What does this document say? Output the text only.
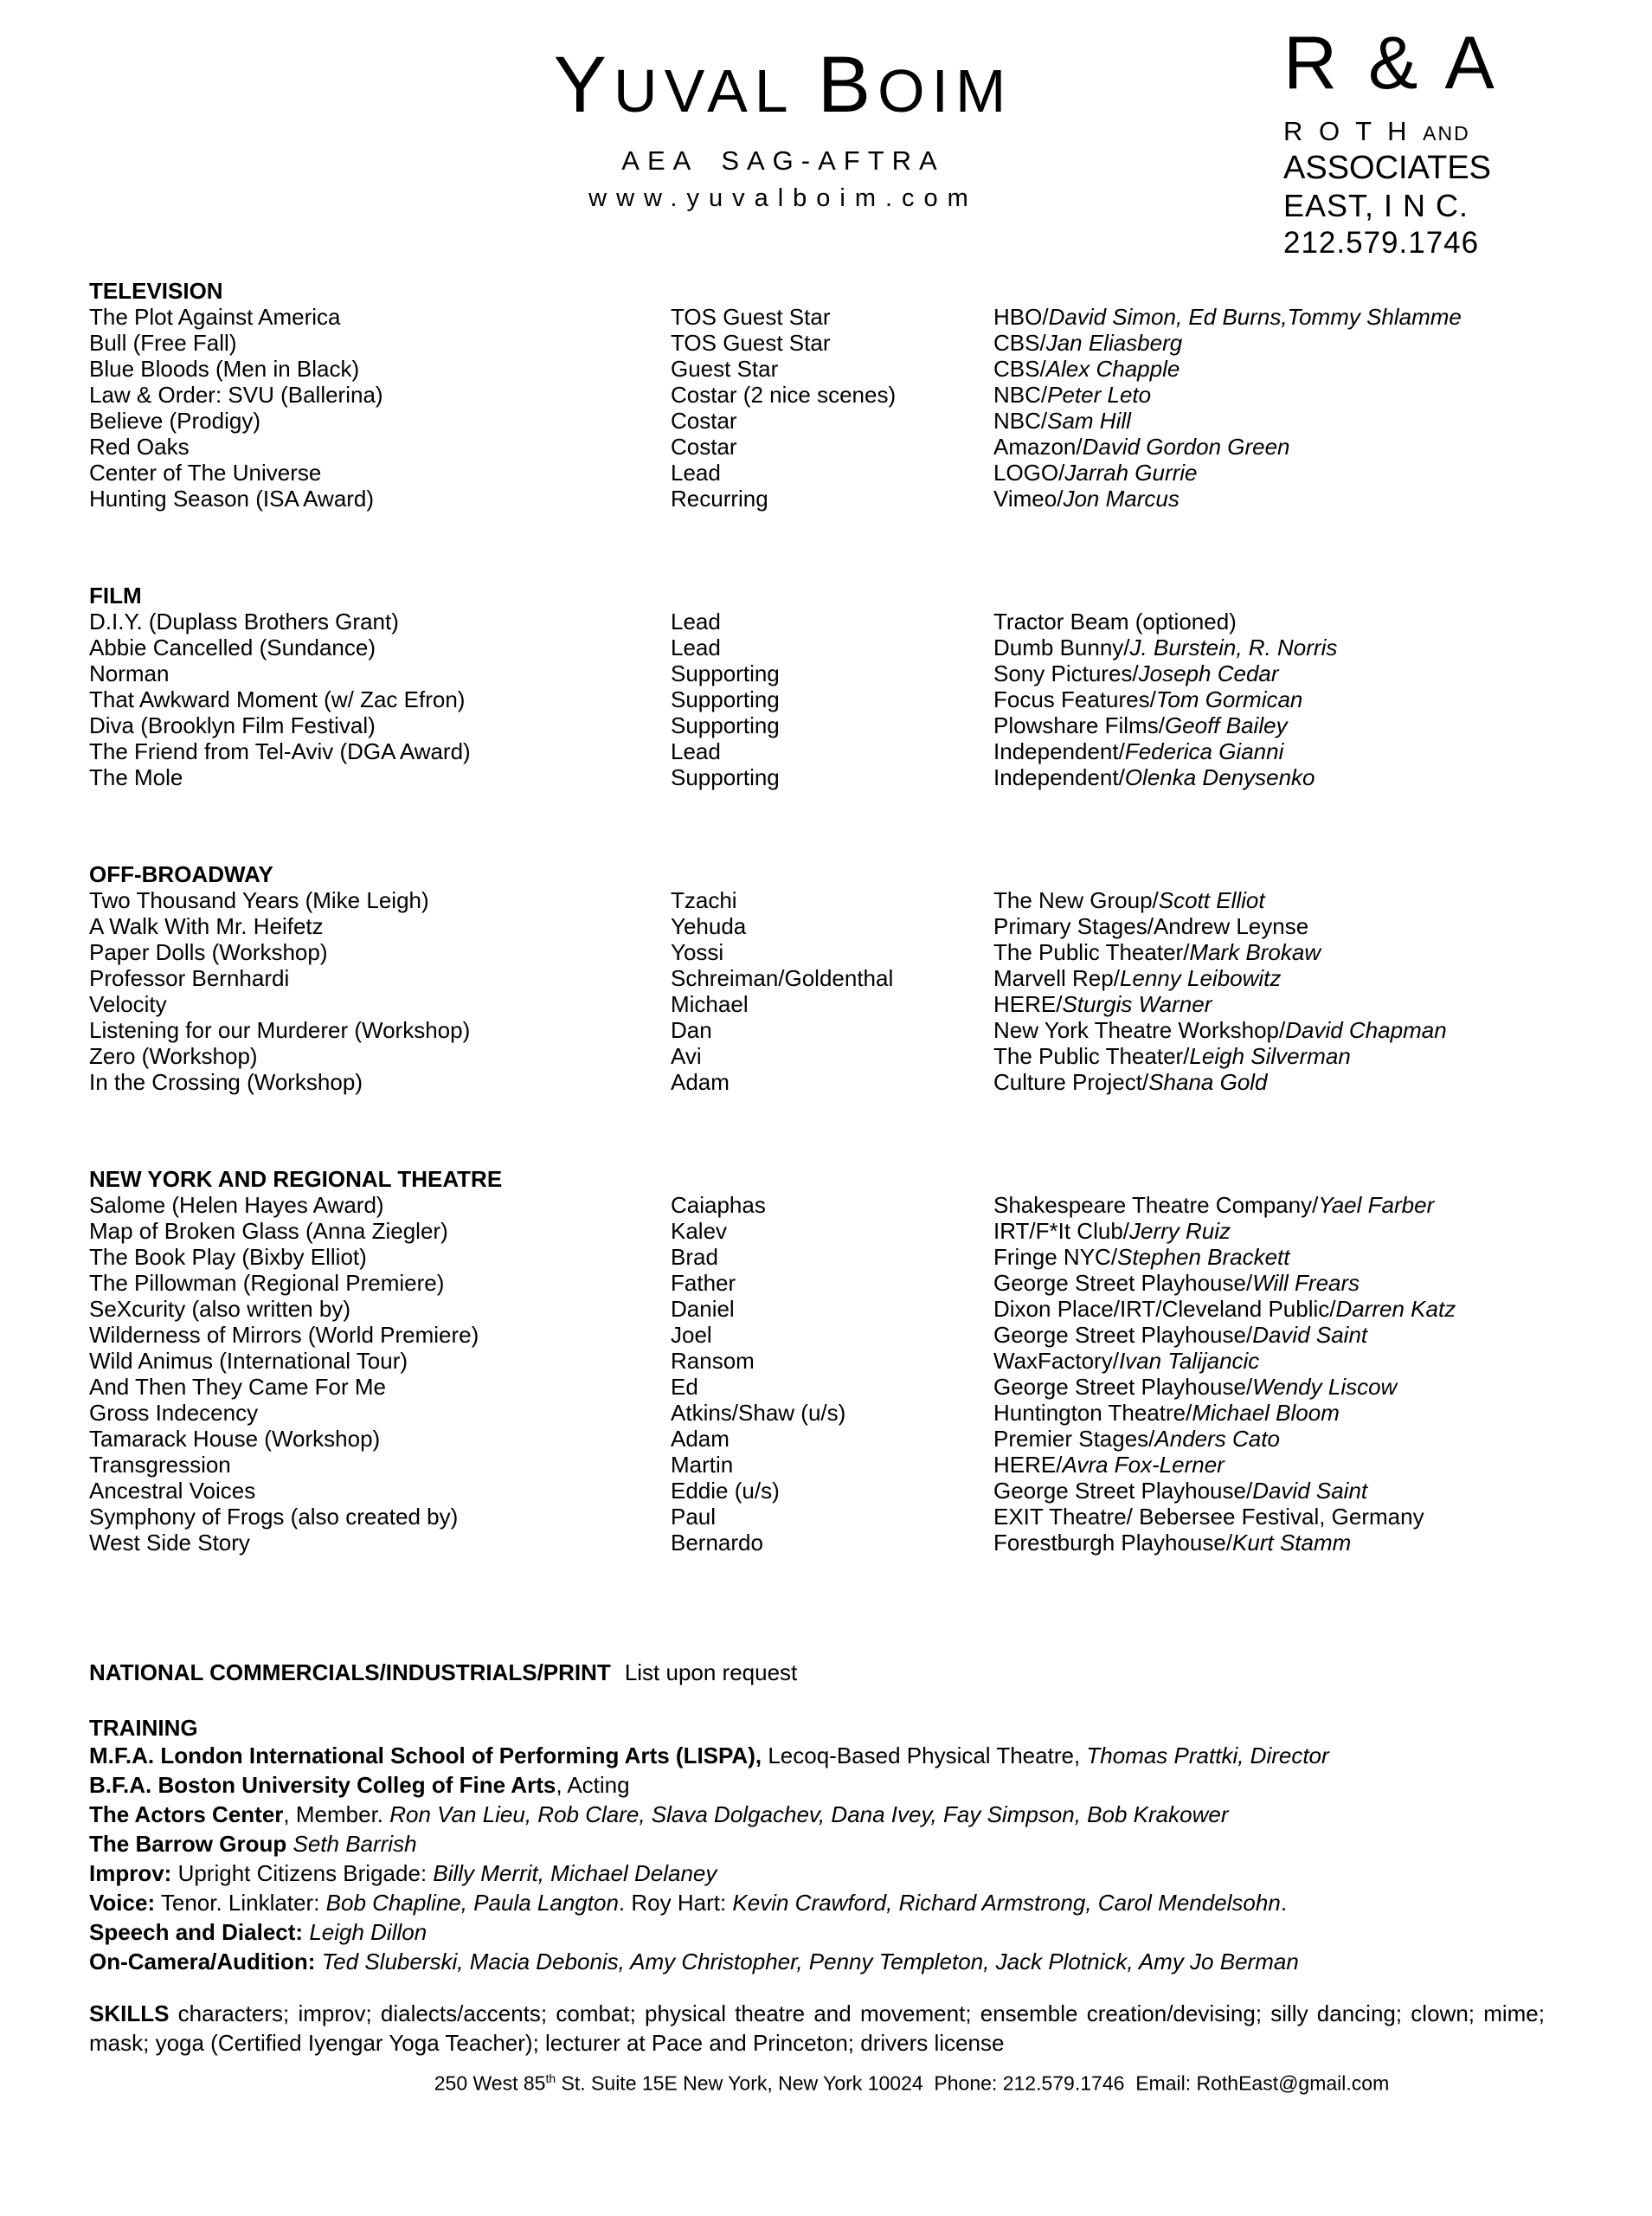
YUVAL BOIM
AEA SAG-AFTRA
www.yuvalboim.com
R & A
R O T H AND
ASSOCIATES
EAST, I N C.
212.579.1746
TELEVISION
The Plot Against America	TOS Guest Star	HBO/David Simon, Ed Burns,Tommy Shlamme
Bull (Free Fall)	TOS Guest Star	CBS/Jan Eliasberg
Blue Bloods (Men in Black)	Guest Star	CBS/Alex Chapple
Law & Order: SVU (Ballerina)	Costar (2 nice scenes)	NBC/Peter Leto
Believe (Prodigy)	Costar	NBC/Sam Hill
Red Oaks	Costar	Amazon/David Gordon Green
Center of The Universe	Lead	LOGO/Jarrah Gurrie
Hunting Season (ISA Award)	Recurring	Vimeo/Jon Marcus
FILM
D.I.Y. (Duplass Brothers Grant)	Lead	Tractor Beam (optioned)
Abbie Cancelled (Sundance)	Lead	Dumb Bunny/J. Burstein, R. Norris
Norman	Supporting	Sony Pictures/Joseph Cedar
That Awkward Moment (w/ Zac Efron)	Supporting	Focus Features/Tom Gormican
Diva (Brooklyn Film Festival)	Supporting	Plowshare Films/Geoff Bailey
The Friend from Tel-Aviv (DGA Award)	Lead	Independent/Federica Gianni
The Mole	Supporting	Independent/Olenka Denysenko
OFF-BROADWAY
Two Thousand Years (Mike Leigh)	Tzachi	The New Group/Scott Elliot
A Walk With Mr. Heifetz	Yehuda	Primary Stages/Andrew Leynse
Paper Dolls (Workshop)	Yossi	The Public Theater/Mark Brokaw
Professor Bernhardi	Schreiman/Goldenthal	Marvell Rep/Lenny Leibowitz
Velocity	Michael	HERE/Sturgis Warner
Listening for our Murderer (Workshop)	Dan	New York Theatre Workshop/David Chapman
Zero (Workshop)	Avi	The Public Theater/Leigh Silverman
In the Crossing (Workshop)	Adam	Culture Project/Shana Gold
NEW YORK AND REGIONAL THEATRE
Salome (Helen Hayes Award)	Caiaphas	Shakespeare Theatre Company/Yael Farber
Map of Broken Glass (Anna Ziegler)	Kalev	IRT/F*It Club/Jerry Ruiz
The Book Play (Bixby Elliot)	Brad	Fringe NYC/Stephen Brackett
The Pillowman (Regional Premiere)	Father	George Street Playhouse/Will Frears
SeXcurity (also written by)	Daniel	Dixon Place/IRT/Cleveland Public/Darren Katz
Wilderness of Mirrors (World Premiere)	Joel	George Street Playhouse/David Saint
Wild Animus (International Tour)	Ransom	WaxFactory/Ivan Talijancic
And Then They Came For Me	Ed	George Street Playhouse/Wendy Liscow
Gross Indecency	Atkins/Shaw (u/s)	Huntington Theatre/Michael Bloom
Tamarack House (Workshop)	Adam	Premier Stages/Anders Cato
Transgression	Martin	HERE/Avra Fox-Lerner
Ancestral Voices	Eddie (u/s)	George Street Playhouse/David Saint
Symphony of Frogs (also created by)	Paul	EXIT Theatre/ Bebersee Festival, Germany
West Side Story	Bernardo	Forestburgh Playhouse/Kurt Stamm
NATIONAL COMMERCIALS/INDUSTRIALS/PRINT List upon request
TRAINING
M.F.A. London International School of Performing Arts (LISPA), Lecoq-Based Physical Theatre, Thomas Prattki, Director
B.F.A. Boston University Colleg of Fine Arts, Acting
The Actors Center, Member. Ron Van Lieu, Rob Clare, Slava Dolgachev, Dana Ivey, Fay Simpson, Bob Krakower
The Barrow Group Seth Barrish
Improv: Upright Citizens Brigade: Billy Merrit, Michael Delaney
Voice: Tenor. Linklater: Bob Chapline, Paula Langton. Roy Hart: Kevin Crawford, Richard Armstrong, Carol Mendelsohn.
Speech and Dialect: Leigh Dillon
On-Camera/Audition: Ted Sluberski, Macia Debonis, Amy Christopher, Penny Templeton, Jack Plotnick, Amy Jo Berman

SKILLS characters; improv; dialects/accents; combat; physical theatre and movement; ensemble creation/devising; silly dancing; clown; mime; mask; yoga (Certified Iyengar Yoga Teacher); lecturer at Pace and Princeton; drivers license

250 West 85th St. Suite 15E New York, New York 10024  Phone: 212.579.1746  Email: RothEast@gmail.com
